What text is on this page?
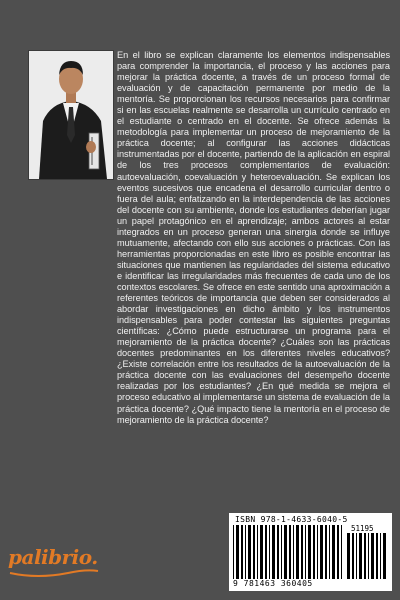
En el libro se explican claramente los elementos indispensables para comprender la importancia, el proceso y las acciones para mejorar la práctica docente, a través de un proceso formal de evaluación y de capacitación permanente por medio de la mentoría. Se proporcionan los recursos necesarios para confirmar si en las escuelas realmente se desarrolla un currículo centrado en el estudiante o centrado en el docente. Se ofrece además la metodología para implementar un proceso de mejoramiento de la práctica docente; al configurar las acciones didácticas instrumentadas por el docente, partiendo de la aplicación en espiral de los tres procesos complementarios de evaluación: autoevaluación, coevaluación y heteroevaluación. Se explican los eventos sucesivos que encadena el desarrollo curricular dentro o fuera del aula; enfatizando en la interdependencia de las acciones del docente con su ambiente, donde los estudiantes deberían jugar un papel protagónico en el aprendizaje; ambos actores al estar integrados en un proceso generan una sinergia donde se influye mutuamente, afectando con ello sus acciones o prácticas. Con las herramientas proporcionadas en este libro es posible encontrar las situaciones que mantienen las regularidades del sistema educativo e identificar las irregularidades más frecuentes de cada uno de los contextos escolares. Se ofrece en este sentido una aproximación a referentes teóricos de importancia que deben ser considerados al abordar investigaciones en dicho ámbito y los instrumentos indispensables para poder contestar las siguientes preguntas científicas: ¿Cómo puede estructurarse un programa para el mejoramiento de la práctica docente? ¿Cuáles son las prácticas docentes predominantes en los diferentes niveles educativos? ¿Existe correlación entre los resultados de la autoevaluación de la práctica docente con las evaluaciones del desempeño docente realizadas por los estudiantes? ¿En qué medida se mejora el proceso educativo al implementarse un sistema de evaluación de la práctica docente? ¿Qué impacto tiene la mentoría en el proceso de mejoramiento de la práctica docente?

ISBN 978-1-4633-6040-5
51195
9 781463 360405
palibrio.
